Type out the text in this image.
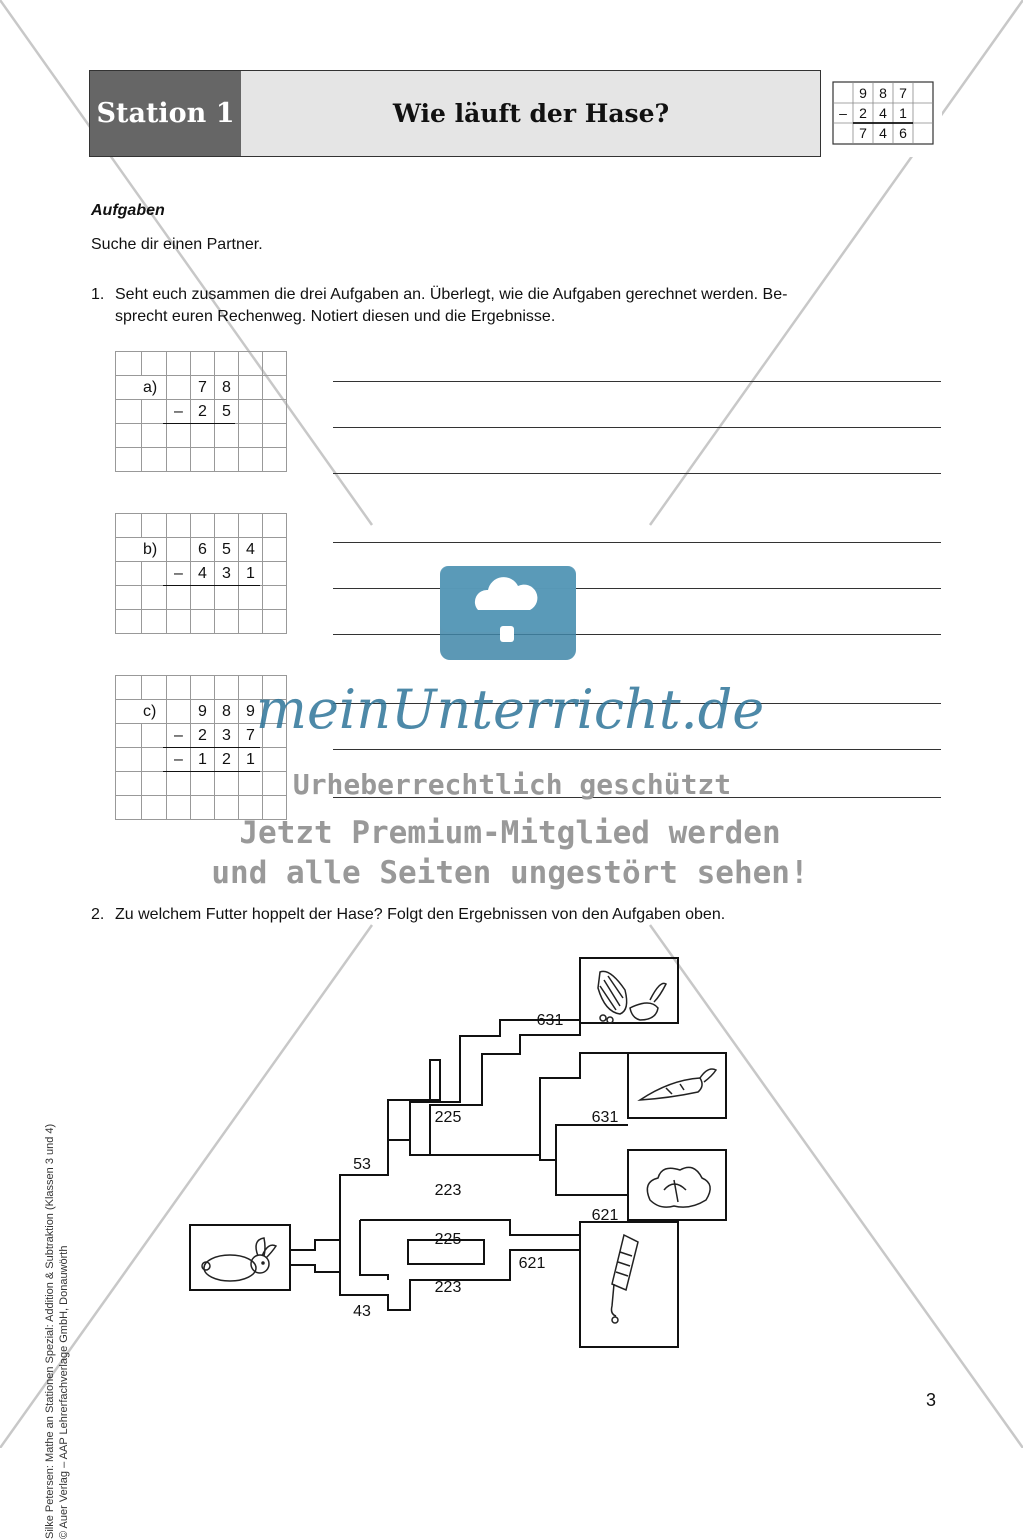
Station 1	Wie läuft der Hase?
9 8 7
– 2 4 1
7 4 6
Aufgaben
Suche dir einen Partner.
1. Seht euch zusammen die drei Aufgaben an. Überlegt, wie die Aufgaben gerechnet werden. Be-
sprecht euren Rechenweg. Notiert diesen und die Ergebnisse.

a)			7	8		
		–	2	5		

b)			6	5	4	
		–	4	3	1	

c)			9	8	9	
		–	2	3	7	
		–	1	2	1	

meinUnterricht.de
Urheberrechtlich geschützt
Jetzt Premium-Mitglied werden
und alle Seiten ungestört sehen!
2. Zu welchem Futter hoppelt der Hase? Folgt den Ergebnissen von den Aufgaben oben.
631
225	631
53
223
621
225
621
223
43
Silke Petersen: Mathe an Stationen Spezial: Addition & Subtraktion (Klassen 3 und 4) © Auer Verlag – AAP Lehrerfachverlage GmbH, Donauwörth	3
